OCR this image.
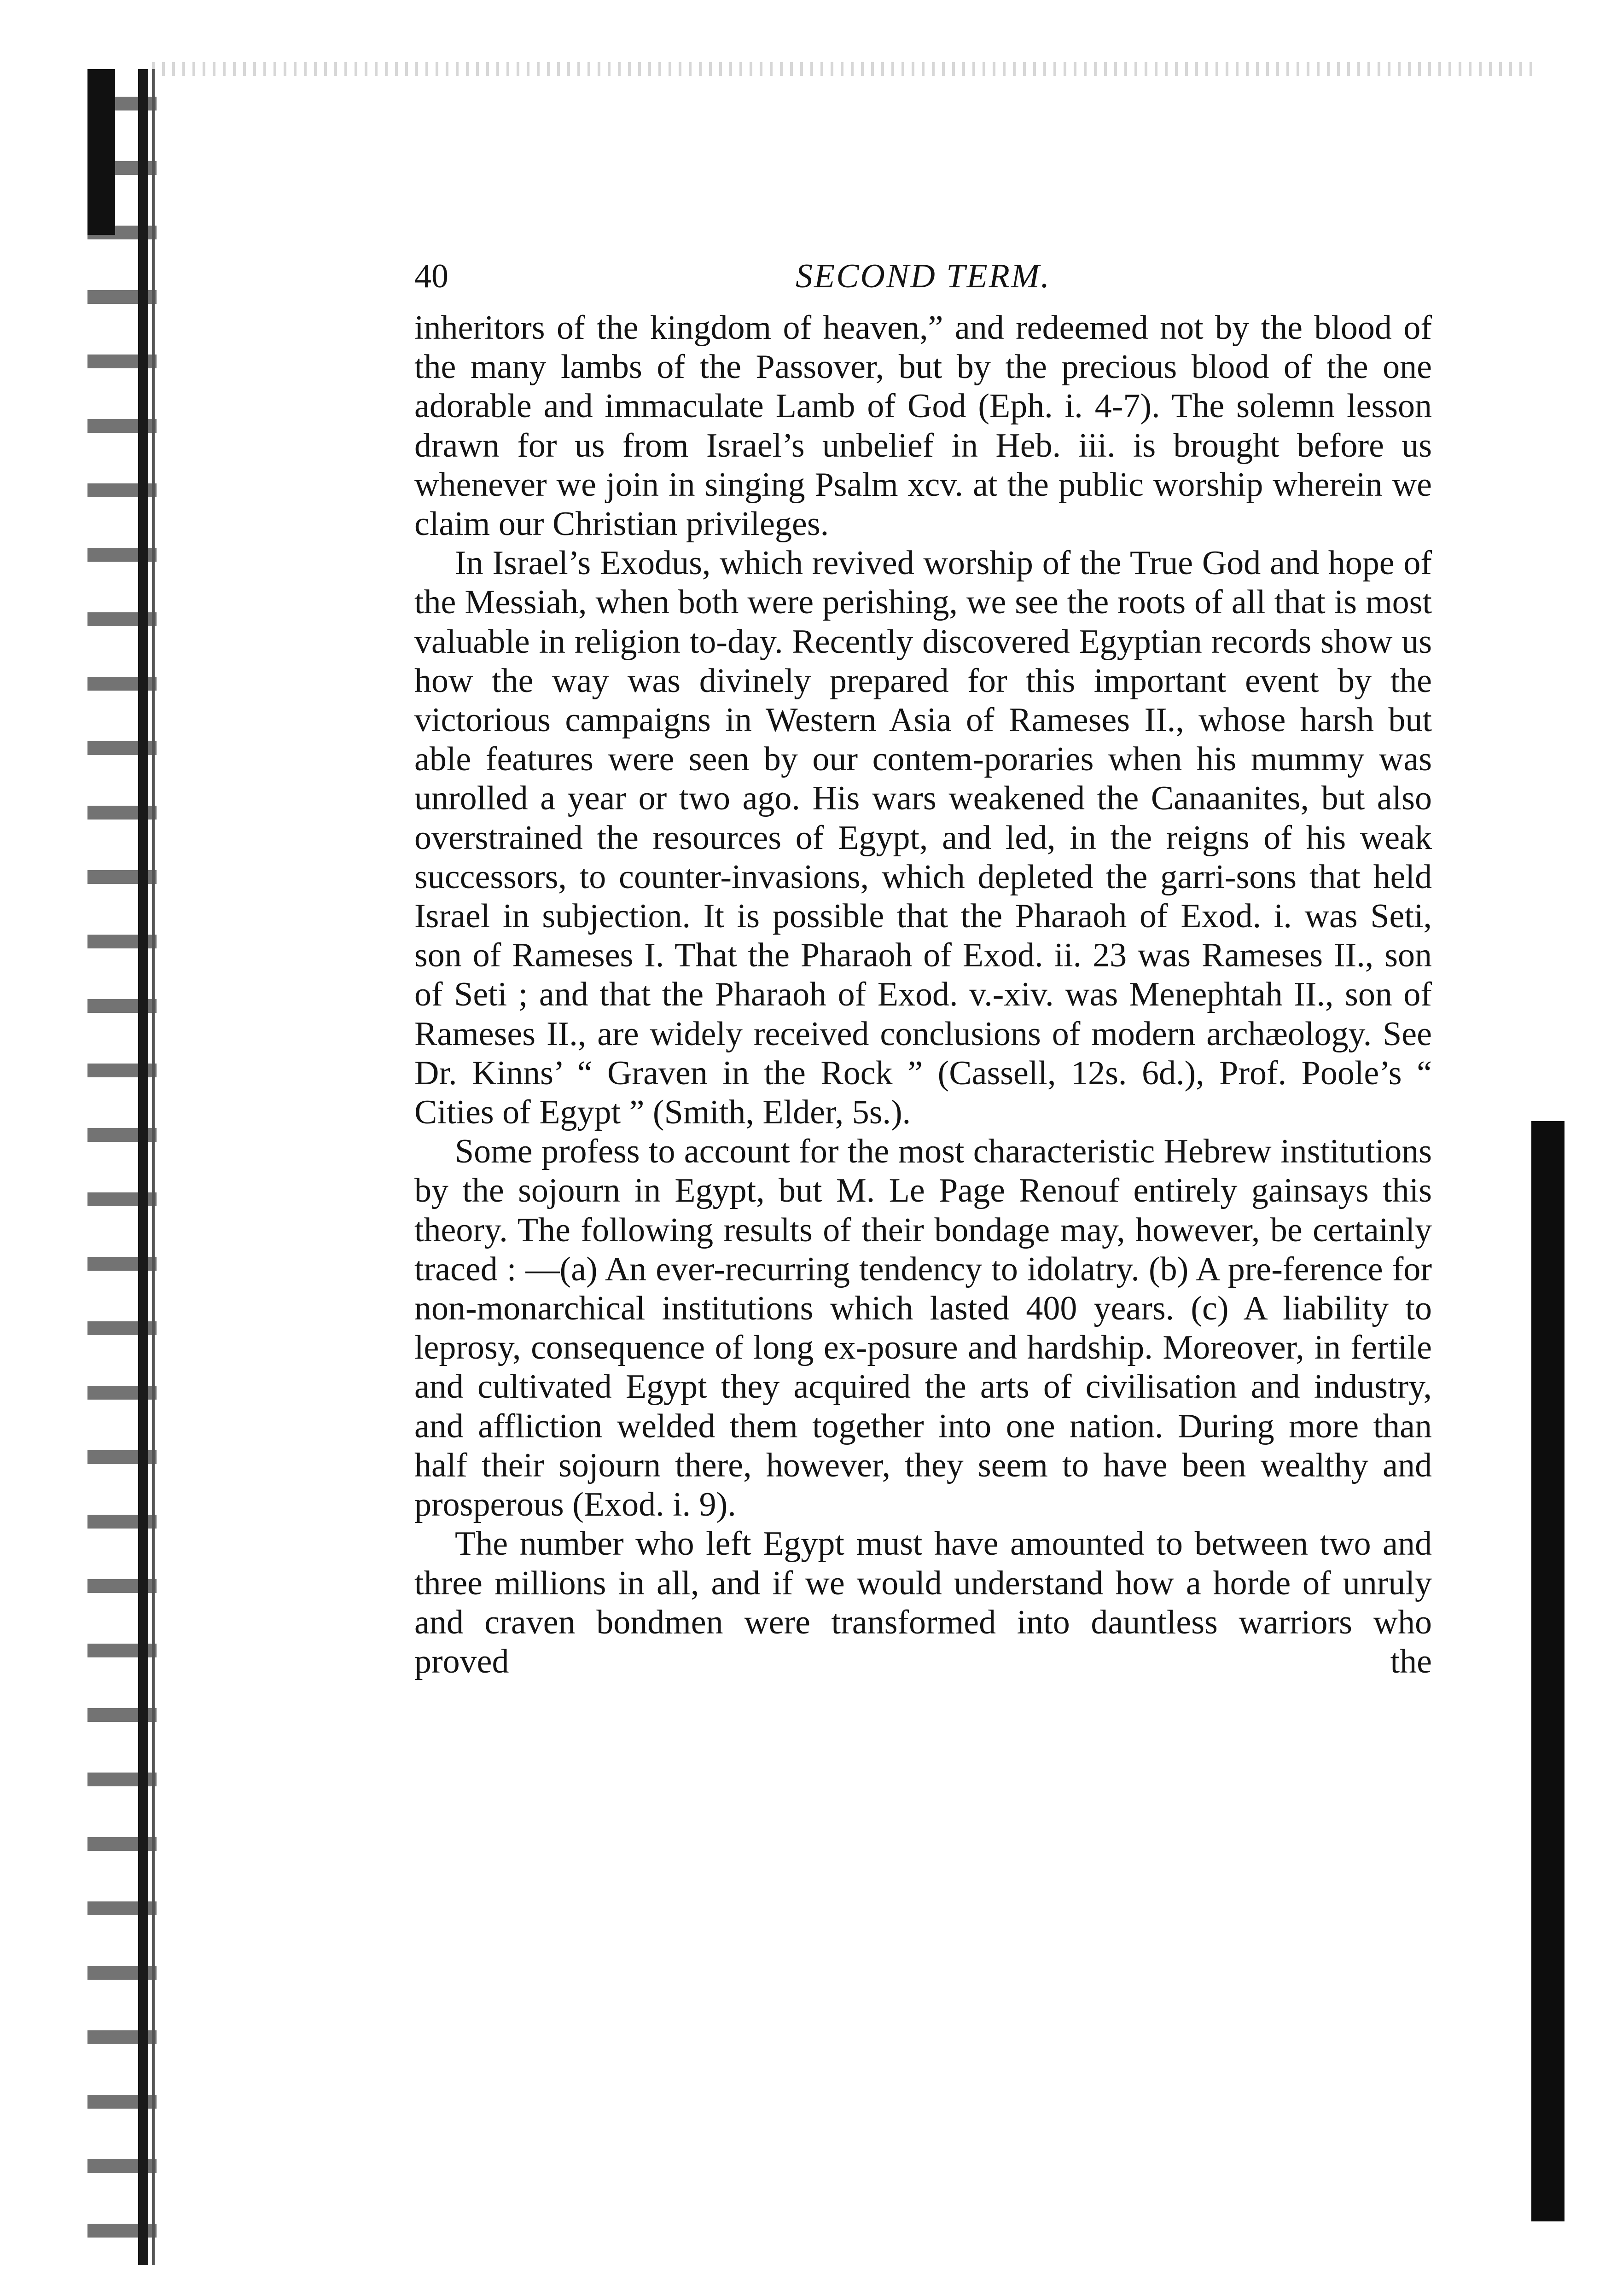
40	SECOND TERM.

inheritors of the kingdom of heaven,” and redeemed not by the blood of the many lambs of the Passover, but by the precious blood of the one adorable and immaculate Lamb of God (Eph. i. 4-7). The solemn lesson drawn for us from Israel’s unbelief in Heb. iii. is brought before us whenever we join in singing Psalm xcv. at the public worship wherein we claim our Christian privileges.

In Israel’s Exodus, which revived worship of the True God and hope of the Messiah, when both were perishing, we see the roots of all that is most valuable in religion to-day. Recently discovered Egyptian records show us how the way was divinely prepared for this important event by the victorious campaigns in Western Asia of Rameses II., whose harsh but able features were seen by our contem-poraries when his mummy was unrolled a year or two ago. His wars weakened the Canaanites, but also overstrained the resources of Egypt, and led, in the reigns of his weak successors, to counter-invasions, which depleted the garri-sons that held Israel in subjection. It is possible that the Pharaoh of Exod. i. was Seti, son of Rameses I. That the Pharaoh of Exod. ii. 23 was Rameses II., son of Seti ; and that the Pharaoh of Exod. v.-xiv. was Menephtah II., son of Rameses II., are widely received conclusions of modern archæology. See Dr. Kinns’ “ Graven in the Rock ” (Cassell, 12s. 6d.), Prof. Poole’s “ Cities of Egypt ” (Smith, Elder, 5s.).

Some profess to account for the most characteristic Hebrew institutions by the sojourn in Egypt, but M. Le Page Renouf entirely gainsays this theory. The following results of their bondage may, however, be certainly traced : —(a) An ever-recurring tendency to idolatry. (b) A pre-ference for non-monarchical institutions which lasted 400 years. (c) A liability to leprosy, consequence of long ex-posure and hardship. Moreover, in fertile and cultivated Egypt they acquired the arts of civilisation and industry, and affliction welded them together into one nation. During more than half their sojourn there, however, they seem to have been wealthy and prosperous (Exod. i. 9).

The number who left Egypt must have amounted to between two and three millions in all, and if we would understand how a horde of unruly and craven bondmen were transformed into dauntless warriors who proved the
